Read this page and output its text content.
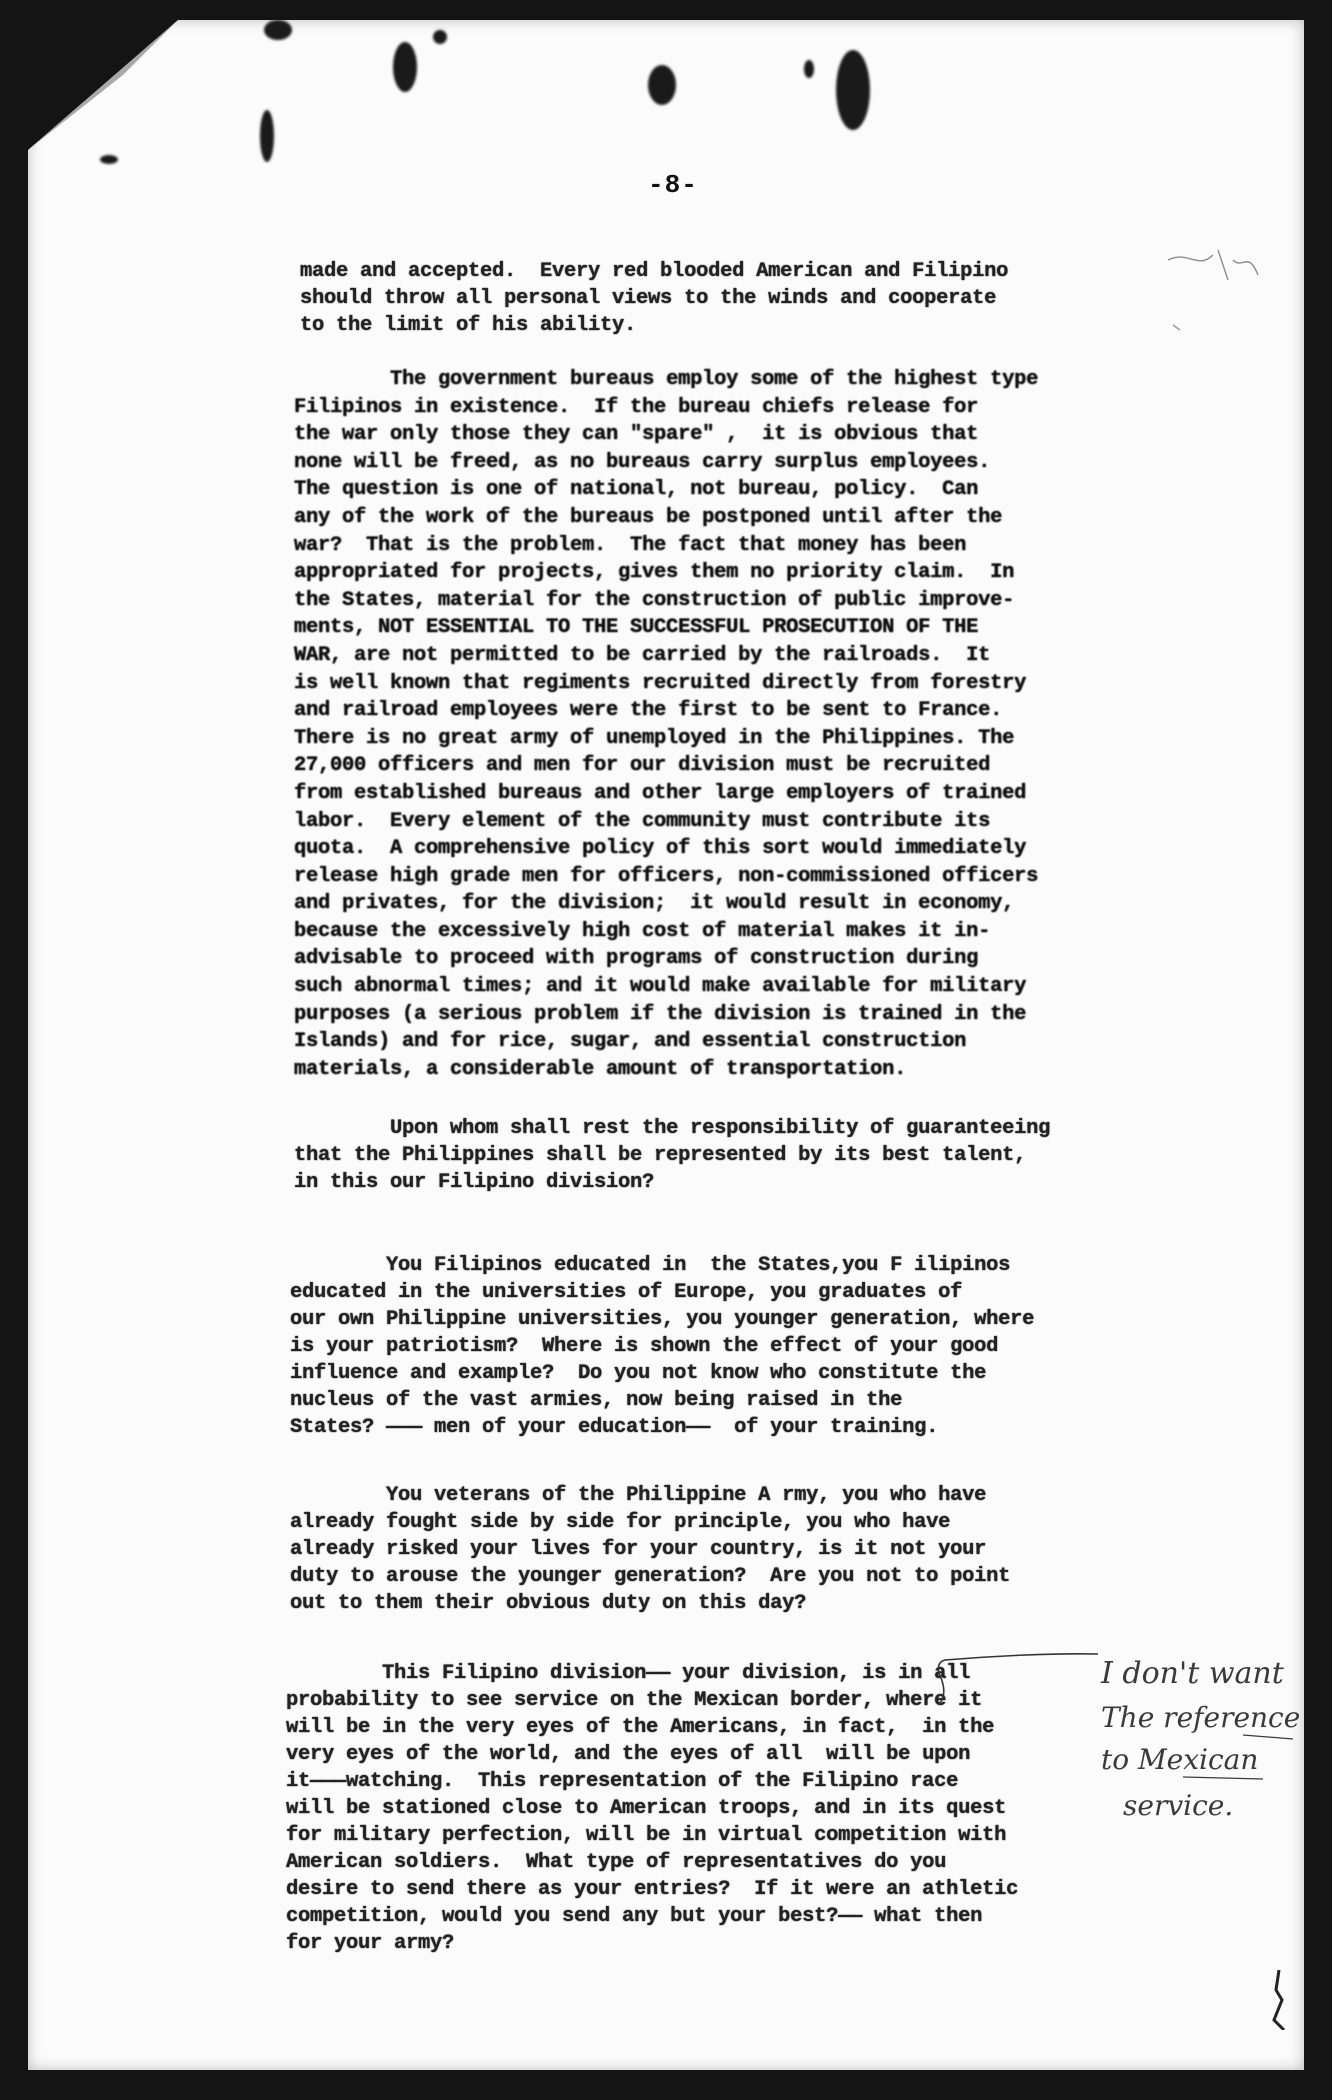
-8-
made and accepted.  Every red blooded American and Filipino
should throw all personal views to the winds and cooperate
to the limit of his ability.
The government bureaus employ some of the highest type
Filipinos in existence.  If the bureau chiefs release for
the war only those they can "spare" ,  it is obvious that
none will be freed, as no bureaus carry surplus employees.
The question is one of national, not bureau, policy.  Can
any of the work of the bureaus be postponed until after the
war?  That is the problem.  The fact that money has been
appropriated for projects, gives them no priority claim.  In
the States, material for the construction of public improve-
ments, NOT ESSENTIAL TO THE SUCCESSFUL PROSECUTION OF THE
WAR, are not permitted to be carried by the railroads.  It
is well known that regiments recruited directly from forestry
and railroad employees were the first to be sent to France.
There is no great army of unemployed in the Philippines. The
27,000 officers and men for our division must be recruited
from established bureaus and other large employers of trained
labor.  Every element of the community must contribute its
quota.  A comprehensive policy of this sort would immediately
release high grade men for officers, non-commissioned officers
and privates, for the division;  it would result in economy,
because the excessively high cost of material makes it in-
advisable to proceed with programs of construction during
such abnormal times; and it would make available for military
purposes (a serious problem if the division is trained in the
Islands) and for rice, sugar, and essential construction
materials, a considerable amount of transportation.
Upon whom shall rest the responsibility of guaranteeing
that the Philippines shall be represented by its best talent,
in this our Filipino division?
You Filipinos educated in  the States,you F ilipinos
educated in the universities of Europe, you graduates of
our own Philippine universities, you younger generation, where
is your patriotism?  Where is shown the effect of your good
influence and example?  Do you not know who constitute the
nucleus of the vast armies, now being raised in the
States? ——— men of your education——  of your training.
You veterans of the Philippine A rmy, you who have
already fought side by side for principle, you who have
already risked your lives for your country, is it not your
duty to arouse the younger generation?  Are you not to point
out to them their obvious duty on this day?
This Filipino division—— your division, is in all
probability to see service on the Mexican border, where it
will be in the very eyes of the Americans, in fact,  in the
very eyes of the world, and the eyes of all  will be upon
it———watching.  This representation of the Filipino race
will be stationed close to American troops, and in its quest
for military perfection, will be in virtual competition with
American soldiers.  What type of representatives do you
desire to send there as your entries?  If it were an athletic
competition, would you send any but your best?—— what then
for your army?
I don't want
The reference
to Mexican
service.
